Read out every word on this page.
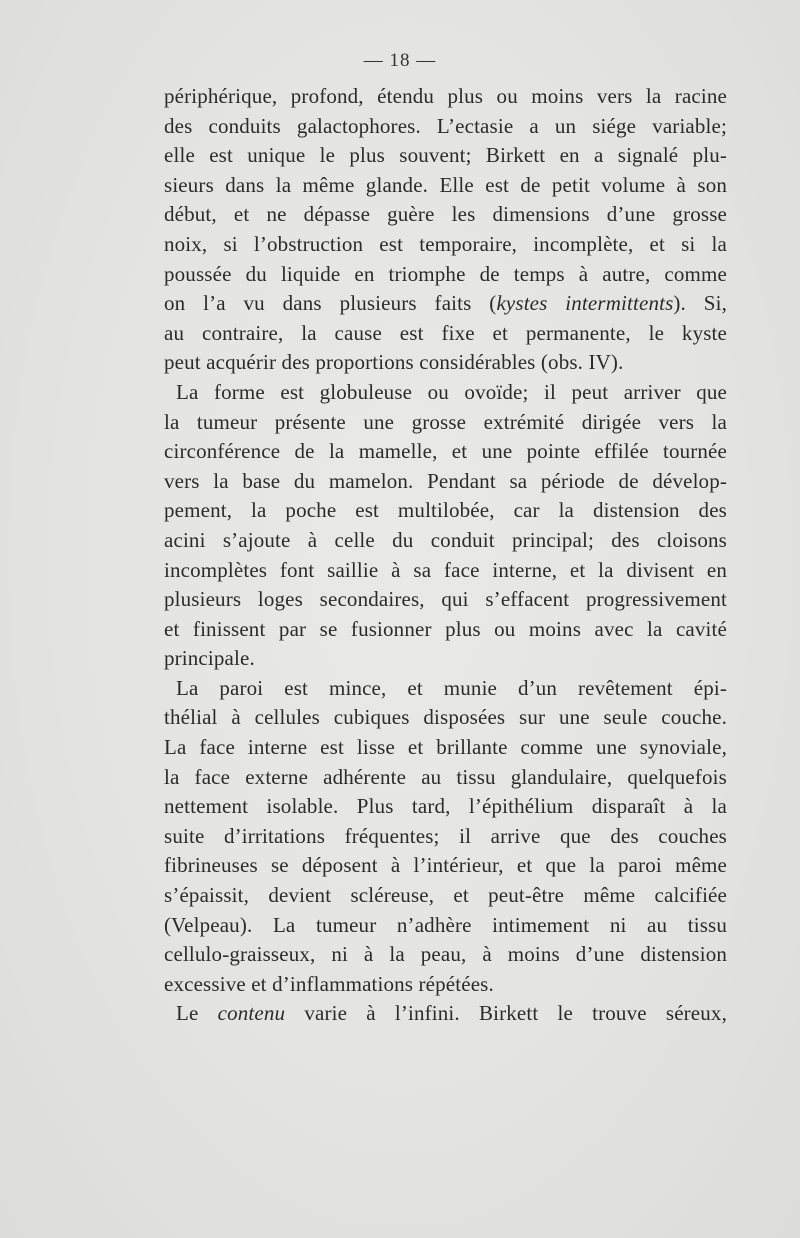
— 18 —
périphérique, profond, étendu plus ou moins vers la racine
des conduits galactophores. L’ectasie a un siége variable;
elle est unique le plus souvent; Birkett en a signalé plu-
sieurs dans la même glande. Elle est de petit volume à son
début, et ne dépasse guère les dimensions d’une grosse
noix, si l’obstruction est temporaire, incomplète, et si la
poussée du liquide en triomphe de temps à autre, comme
on l’a vu dans plusieurs faits (kystes intermittents). Si,
au contraire, la cause est fixe et permanente, le kyste
peut acquérir des proportions considérables (obs. IV).
La forme est globuleuse ou ovoïde; il peut arriver que
la tumeur présente une grosse extrémité dirigée vers la
circonférence de la mamelle, et une pointe effilée tournée
vers la base du mamelon. Pendant sa période de dévelop-
pement, la poche est multilobée, car la distension des
acini s’ajoute à celle du conduit principal; des cloisons
incomplètes font saillie à sa face interne, et la divisent en
plusieurs loges secondaires, qui s’effacent progressivement
et finissent par se fusionner plus ou moins avec la cavité
principale.
La paroi est mince, et munie d’un revêtement épi-
thélial à cellules cubiques disposées sur une seule couche.
La face interne est lisse et brillante comme une synoviale,
la face externe adhérente au tissu glandulaire, quelquefois
nettement isolable. Plus tard, l’épithélium disparaît à la
suite d’irritations fréquentes; il arrive que des couches
fibrineuses se déposent à l’intérieur, et que la paroi même
s’épaissit, devient scléreuse, et peut-être même calcifiée
(Velpeau). La tumeur n’adhère intimement ni au tissu
cellulo-graisseux, ni à la peau, à moins d’une distension
excessive et d’inflammations répétées.
Le contenu varie à l’infini. Birkett le trouve séreux,
